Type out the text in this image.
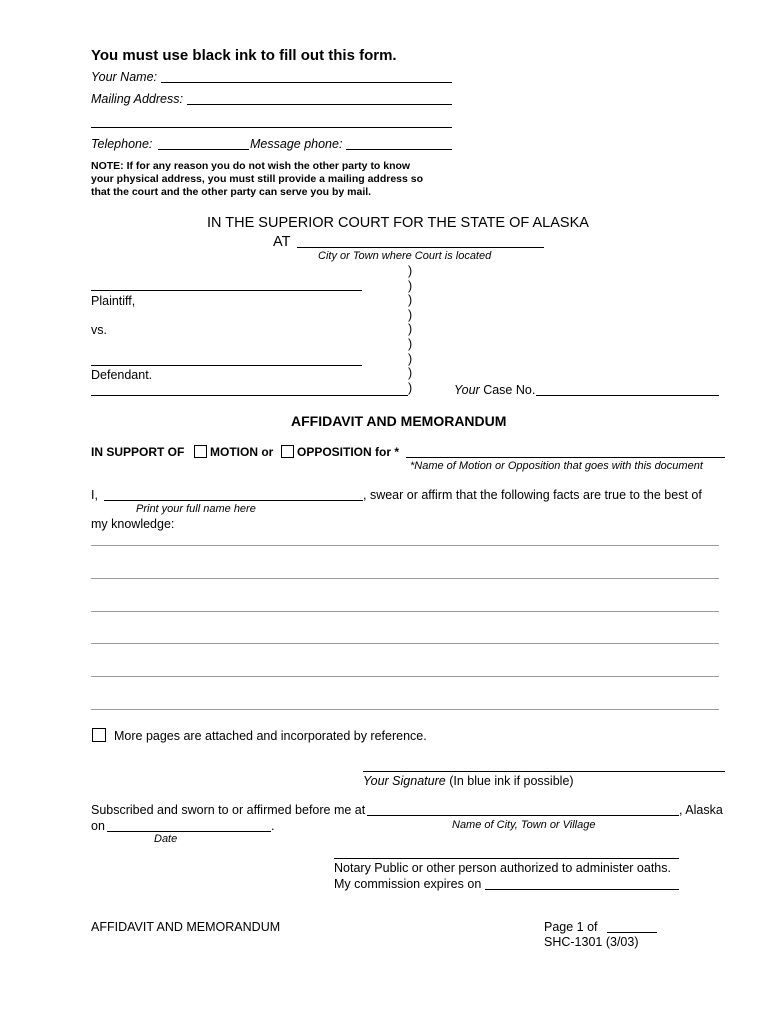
You must use black ink to fill out this form.
Your Name:
Mailing Address:
Telephone:	Message phone:
NOTE: If for any reason you do not wish the other party to know
your physical address, you must still provide a mailing address so
that the court and the other party can serve you by mail.
IN THE SUPERIOR COURT FOR THE STATE OF ALASKA
AT
City or Town where Court is located
)
)
)
)
)
)
)
)
)
Plaintiff,
vs.
Defendant.
Your Case No.
AFFIDAVIT AND MEMORANDUM
IN SUPPORT OF MOTION or OPPOSITION for *
*Name of Motion or Opposition that goes with this document
I,	, swear or affirm that the following facts are true to the best of
Print your full name here
my knowledge:
More pages are attached and incorporated by reference.
Your Signature (In blue ink if possible)
Subscribed and sworn to or affirmed before me at	, Alaska
on	.	Name of City, Town or Village
Date
Notary Public or other person authorized to administer oaths.
My commission expires on
AFFIDAVIT AND MEMORANDUM	Page 1 of
SHC-1301 (3/03)
